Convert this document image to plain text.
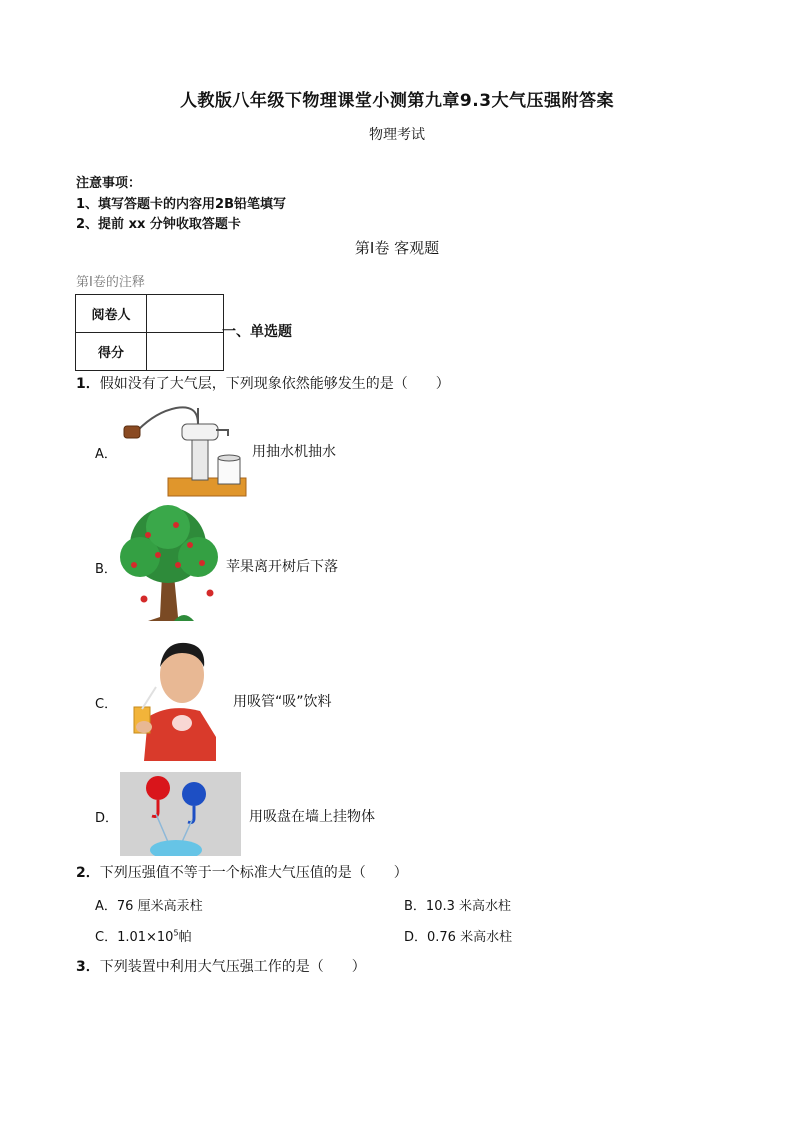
人教版八年级下物理课堂小测第九章9.3大气压强附答案
物理考试
注意事项：
1、填写答题卡的内容用2B铅笔填写
2、提前 xx 分钟收取答题卡
第Ⅰ卷 客观题
第Ⅰ卷的注释
阅卷人	
得分	
一、单选题
1．假如没有了大气层，下列现象依然能够发生的是（　　）
A．	用抽水机抽水
B．	苹果离开树后下落
C．	用吸管“吸”饮料
D．	用吸盘在墙上挂物体
2．下列压强值不等于一个标准大气压值的是（　　）
A．76 厘米高汞柱	B．10.3 米高水柱
C．$1.01\times 10^5$帕	D．0.76 米高水柱
3．下列装置中利用大气压强工作的是（　　）
